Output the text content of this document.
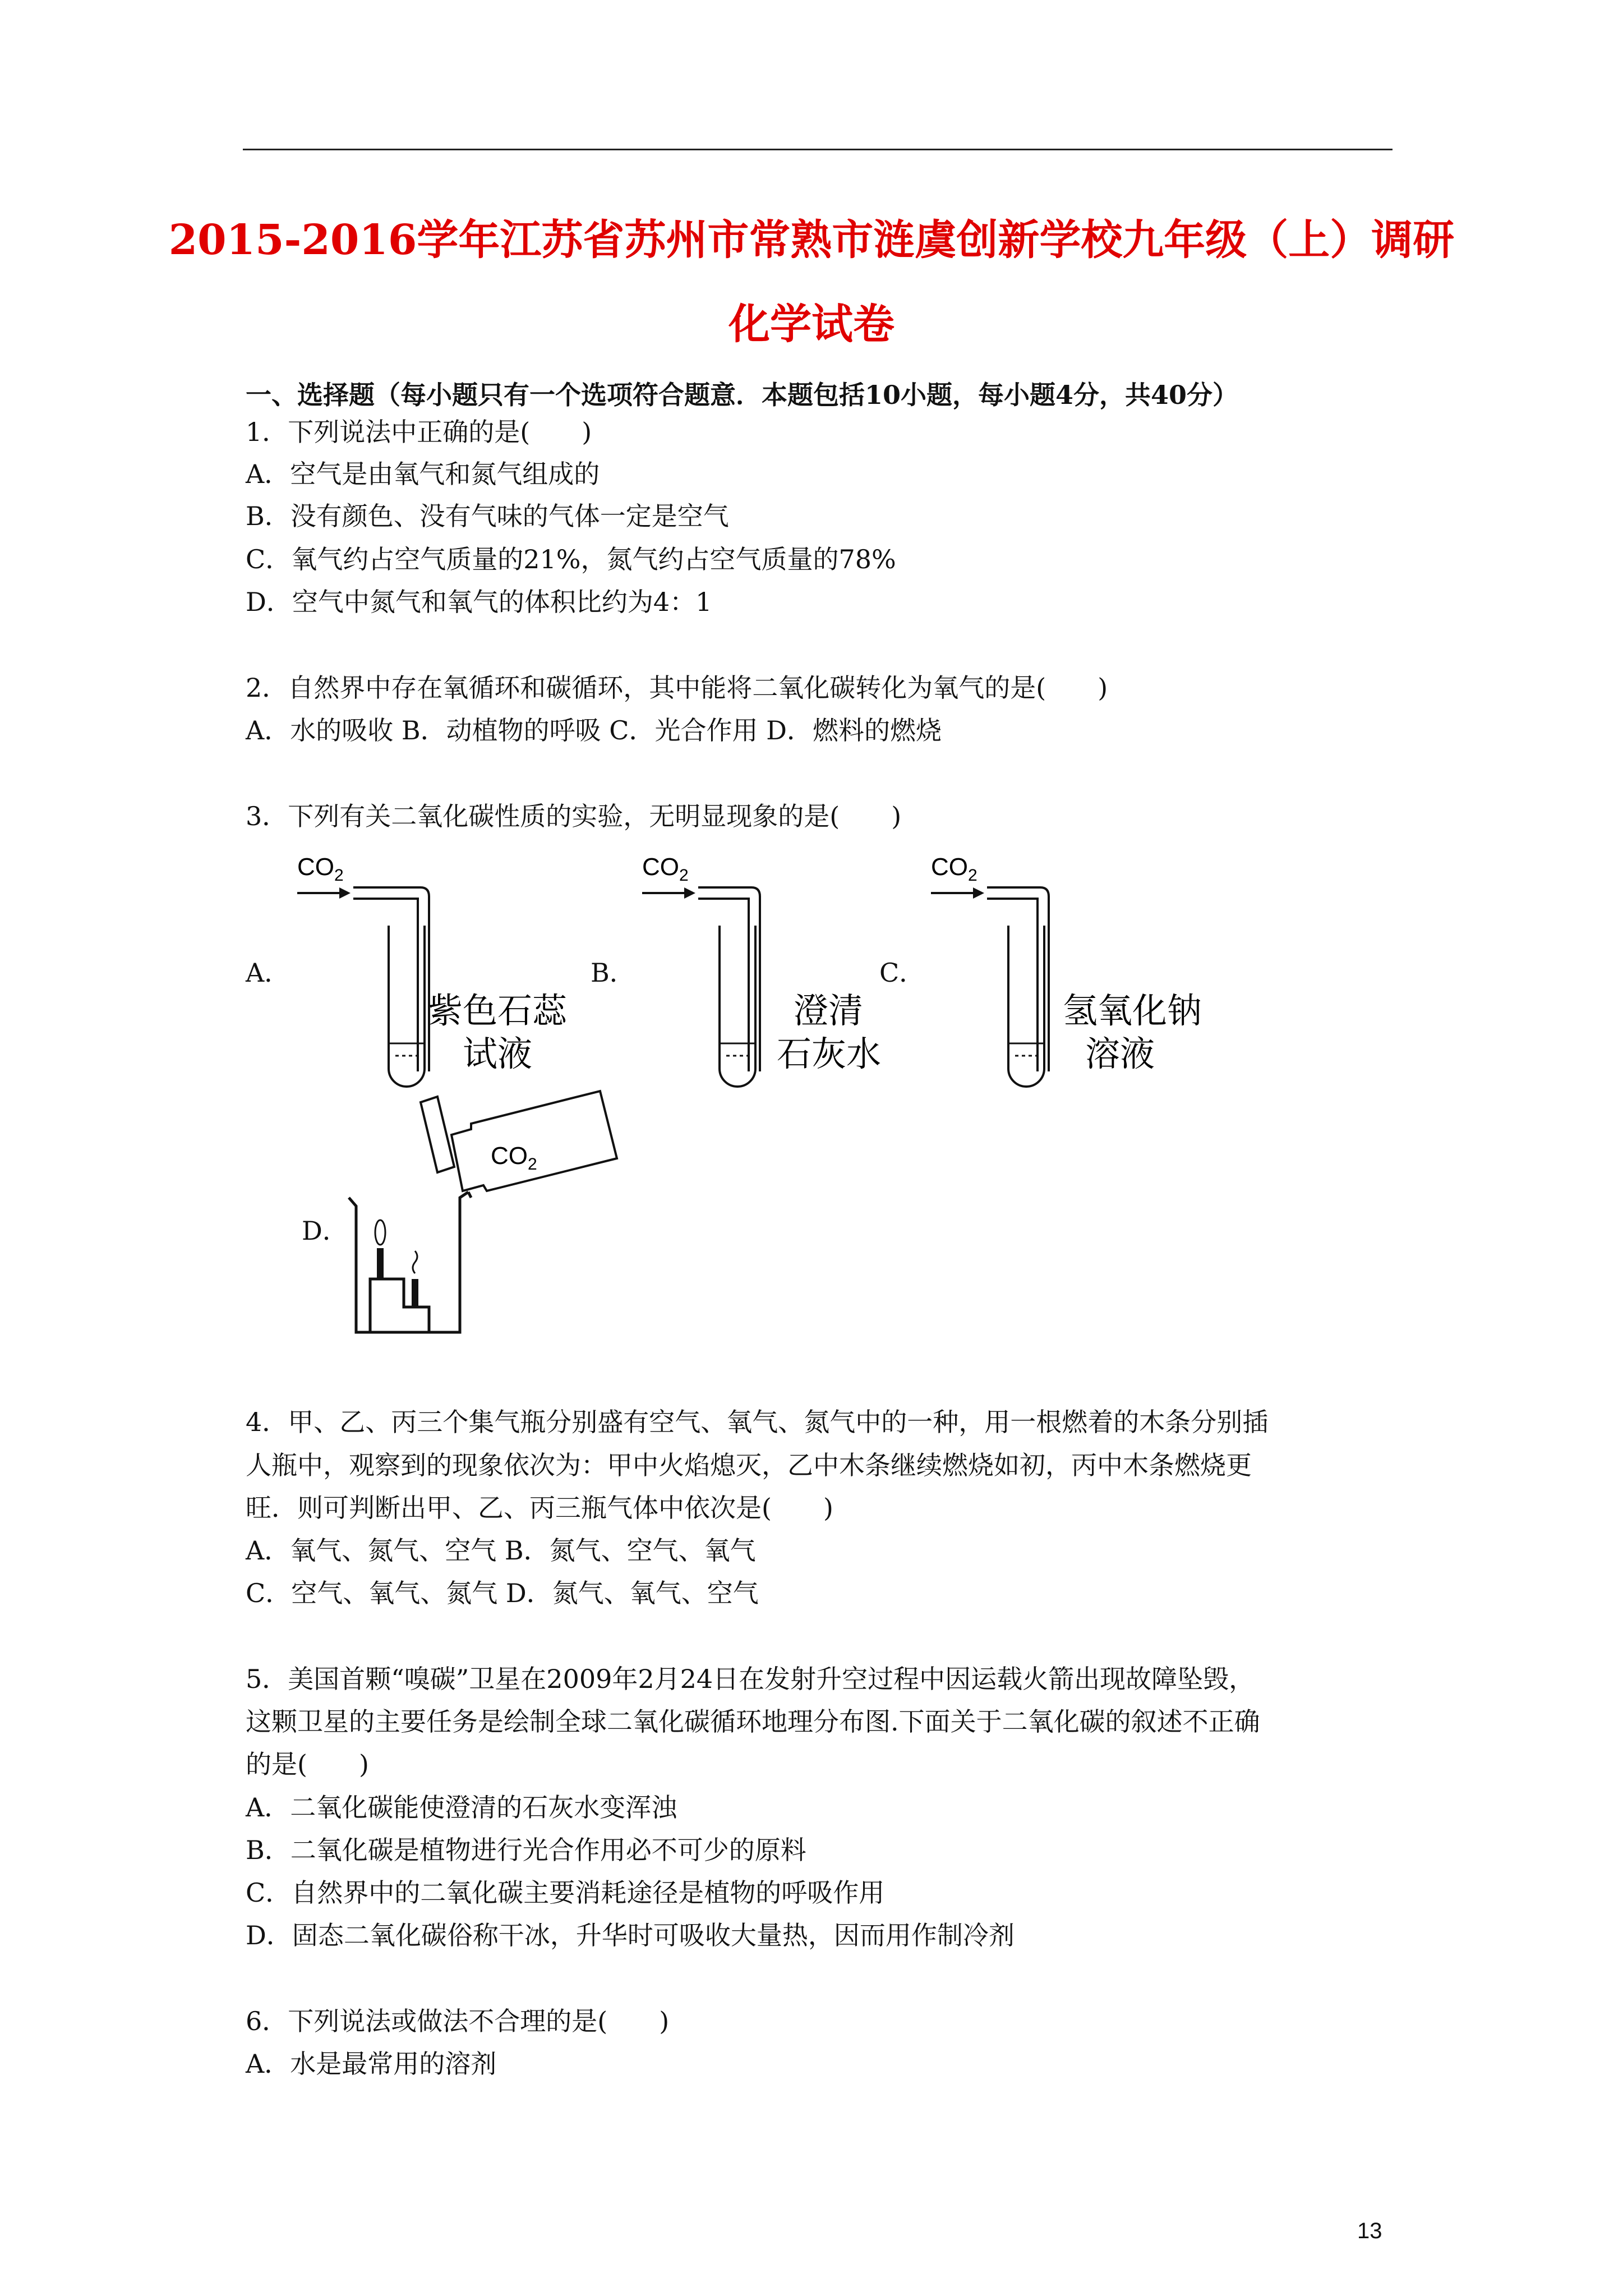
2015-2016学年江苏省苏州市常熟市涟虞创新学校九年级（上）调研
化学试卷
一、选择题（每小题只有一个选项符合题意．本题包括10小题，每小题4分，共40分）
1．下列说法中正确的是(　　)
A．空气是由氧气和氮气组成的
B．没有颜色、没有气味的气体一定是空气
C．氧气约占空气质量的21%，氮气约占空气质量的78%
D．空气中氮气和氧气的体积比约为4：1
2．自然界中存在氧循环和碳循环，其中能将二氧化碳转化为氧气的是(　　)
A．水的吸收 B．动植物的呼吸 C．光合作用 D．燃料的燃烧
3．下列有关二氧化碳性质的实验，无明显现象的是(　　)
A．	B．	C．
D．
$CO_2$
紫色石蕊
试液
$CO_2$
澄清
石灰水
$CO_2$
氢氧化钠
溶液
$CO_2$
4．甲、乙、丙三个集气瓶分别盛有空气、氧气、氮气中的一种，用一根燃着的木条分别插
人瓶中，观察到的现象依次为：甲中火焰熄灭，乙中木条继续燃烧如初，丙中木条燃烧更
旺．则可判断出甲、乙、丙三瓶气体中依次是(　　)
A．氧气、氮气、空气 B．氮气、空气、氧气
C．空气、氧气、氮气 D．氮气、氧气、空气
5．美国首颗“嗅碳”卫星在2009年2月24日在发射升空过程中因运载火箭出现故障坠毁，
这颗卫星的主要任务是绘制全球二氧化碳循环地理分布图.下面关于二氧化碳的叙述不正确
的是(　　)
A．二氧化碳能使澄清的石灰水变浑浊
B．二氧化碳是植物进行光合作用必不可少的原料
C．自然界中的二氧化碳主要消耗途径是植物的呼吸作用
D．固态二氧化碳俗称干冰，升华时可吸收大量热，因而用作制冷剂
6．下列说法或做法不合理的是(　　)
A．水是最常用的溶剂
13
